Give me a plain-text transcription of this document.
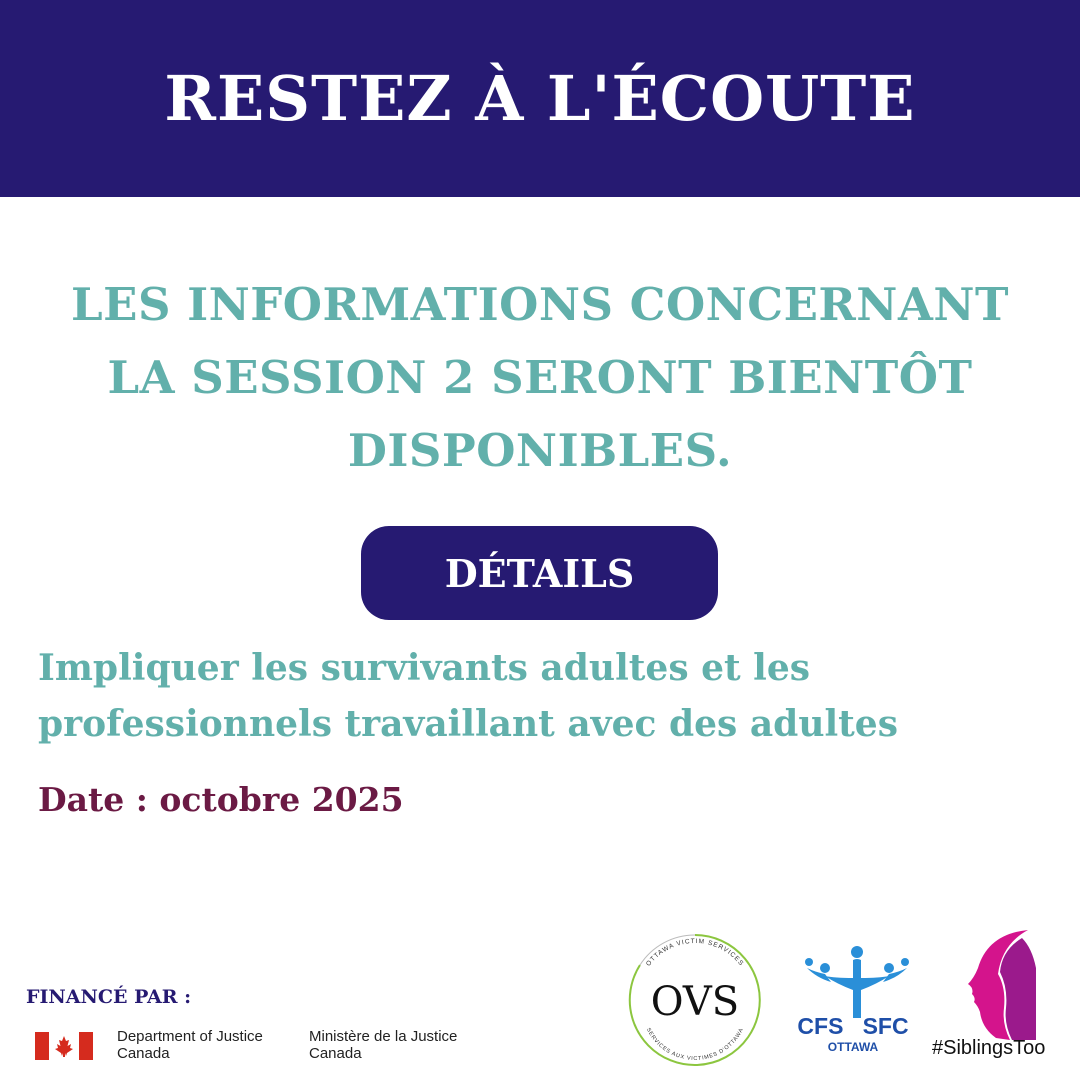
RESTEZ À L'ÉCOUTE
LES INFORMATIONS CONCERNANT
LA SESSION 2 SERONT BIENTÔT
DISPONIBLES.
DÉTAILS
Impliquer les survivants adultes et les
professionnels travaillant avec des adultes
Date : octobre 2025
FINANCÉ PAR :
Department of Justice
Canada
Ministère de la Justice
Canada
OTTAWA VICTIM SERVICES
SERVICES AUX VICTIMES D'OTTAWA
OVS
CFS SFC
OTTAWA	#SiblingsToo
